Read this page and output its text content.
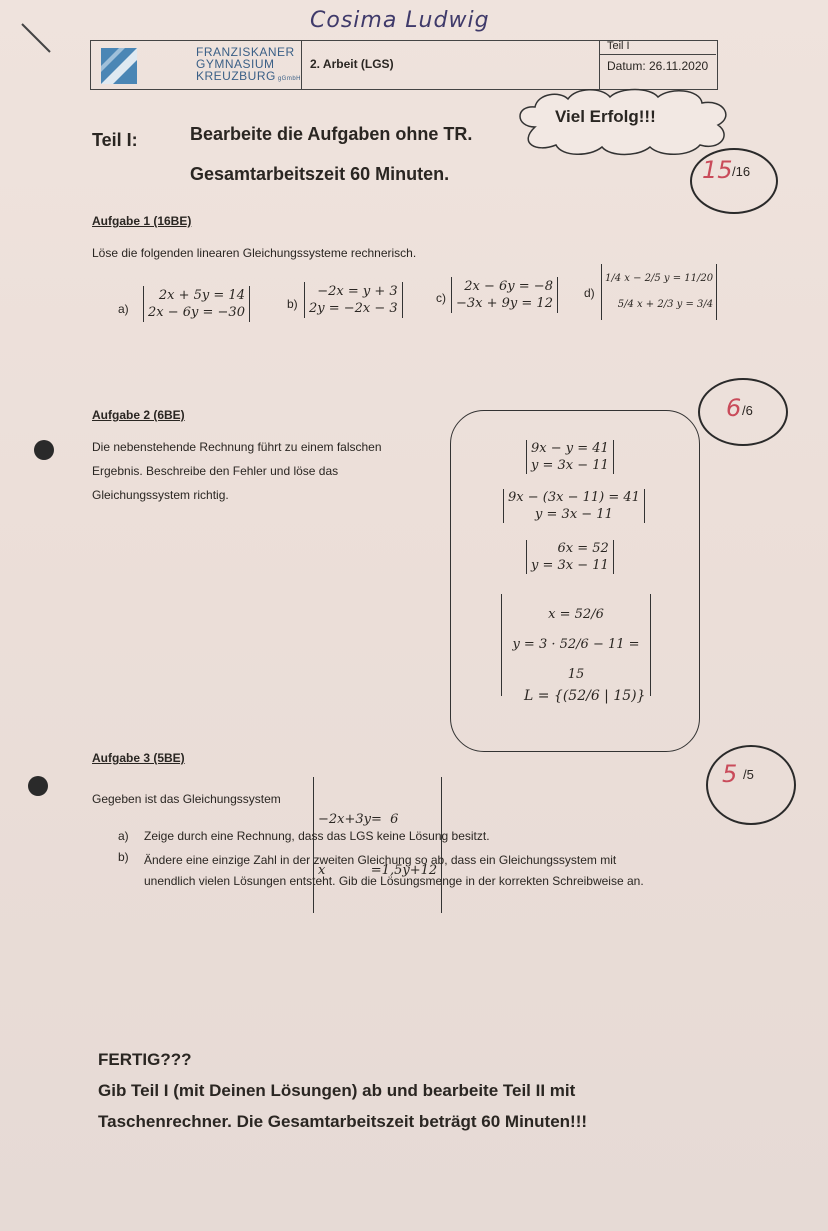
Cosima Ludwig
FRANZISKANER
GYMNASIUM
KREUZBURG gGmbH
2. Arbeit (LGS)
Teil I
Datum: 26.11.2020
Viel Erfolg!!!
Teil I:	Bearbeite die Aufgaben ohne TR.
Gesamtarbeitszeit 60 Minuten.	15 /16
Aufgabe 1 (16BE)
Löse die folgenden linearen Gleichungssysteme rechnerisch.
a)
2x + 5y = 14
2x − 6y = −30
b)
−2x = y + 3
2y = −2x − 3
c)
2x − 6y = −8
−3x + 9y = 12
d)
1/4 x − 2/5 y = 11/20
5/4 x + 2/3 y = 3/4
Aufgabe 2 (6BE)
Die nebenstehende Rechnung führt zu einem falschen
Ergebnis. Beschreibe den Fehler und löse das
Gleichungssystem richtig.
6 /6
9x − y = 41
y = 3x − 11
9x − (3x − 11) = 41
y = 3x − 11
6x = 52
y = 3x − 11
x = 52/6
y = 3 · 52/6 − 11 = 15
L = {(52/6 | 15)}
Aufgabe 3 (5BE)
Gegeben ist das Gleichungssystem

−2x+3y=  6

x           =1,5y+12

5 /5
a) Zeige durch eine Rechnung, dass das LGS keine Lösung besitzt.
b) Ändere eine einzige Zahl in der zweiten Gleichung so ab, dass ein Gleichungssystem mit
unendlich vielen Lösungen entsteht. Gib die Lösungsmenge in der korrekten Schreibweise an.
FERTIG???
Gib Teil I (mit Deinen Lösungen) ab und bearbeite Teil II mit
Taschenrechner. Die Gesamtarbeitszeit beträgt 60 Minuten!!!
